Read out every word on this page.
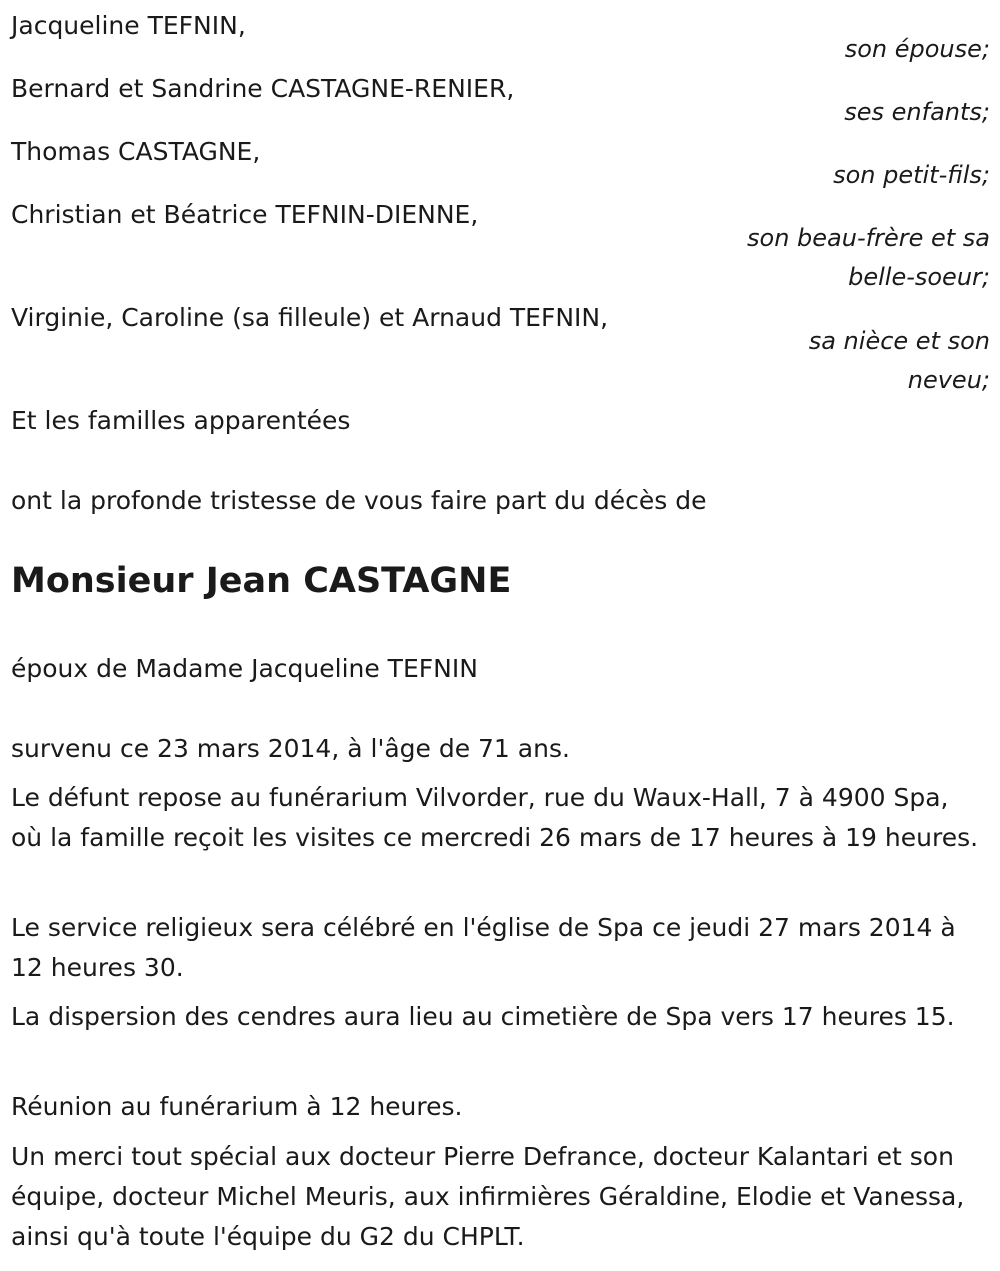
Jacqueline TEFNIN,
son épouse;
Bernard et Sandrine CASTAGNE-RENIER,
ses enfants;
Thomas CASTAGNE,
son petit-fils;
Christian et Béatrice TEFNIN-DIENNE,
son beau-frère et sa
belle-soeur;
Virginie, Caroline (sa filleule) et Arnaud TEFNIN,
sa nièce et son
neveu;
Et les familles apparentées
ont la profonde tristesse de vous faire part du décès de
Monsieur Jean CASTAGNE
époux de Madame Jacqueline TEFNIN
survenu ce 23 mars 2014, à l'âge de 71 ans.
Le défunt repose au funérarium Vilvorder, rue du Waux-Hall, 7 à 4900 Spa, où la famille reçoit les visites ce mercredi 26 mars de 17 heures à 19 heures.
Le service religieux sera célébré en l'église de Spa ce jeudi 27 mars 2014 à 12 heures 30.
La dispersion des cendres aura lieu au cimetière de Spa vers 17 heures 15.
Réunion au funérarium à 12 heures.
Un merci tout spécial aux docteur Pierre Defrance, docteur Kalantari et son équipe, docteur Michel Meuris, aux infirmières Géraldine, Elodie et Vanessa, ainsi qu'à toute l'équipe du G2 du CHPLT.
